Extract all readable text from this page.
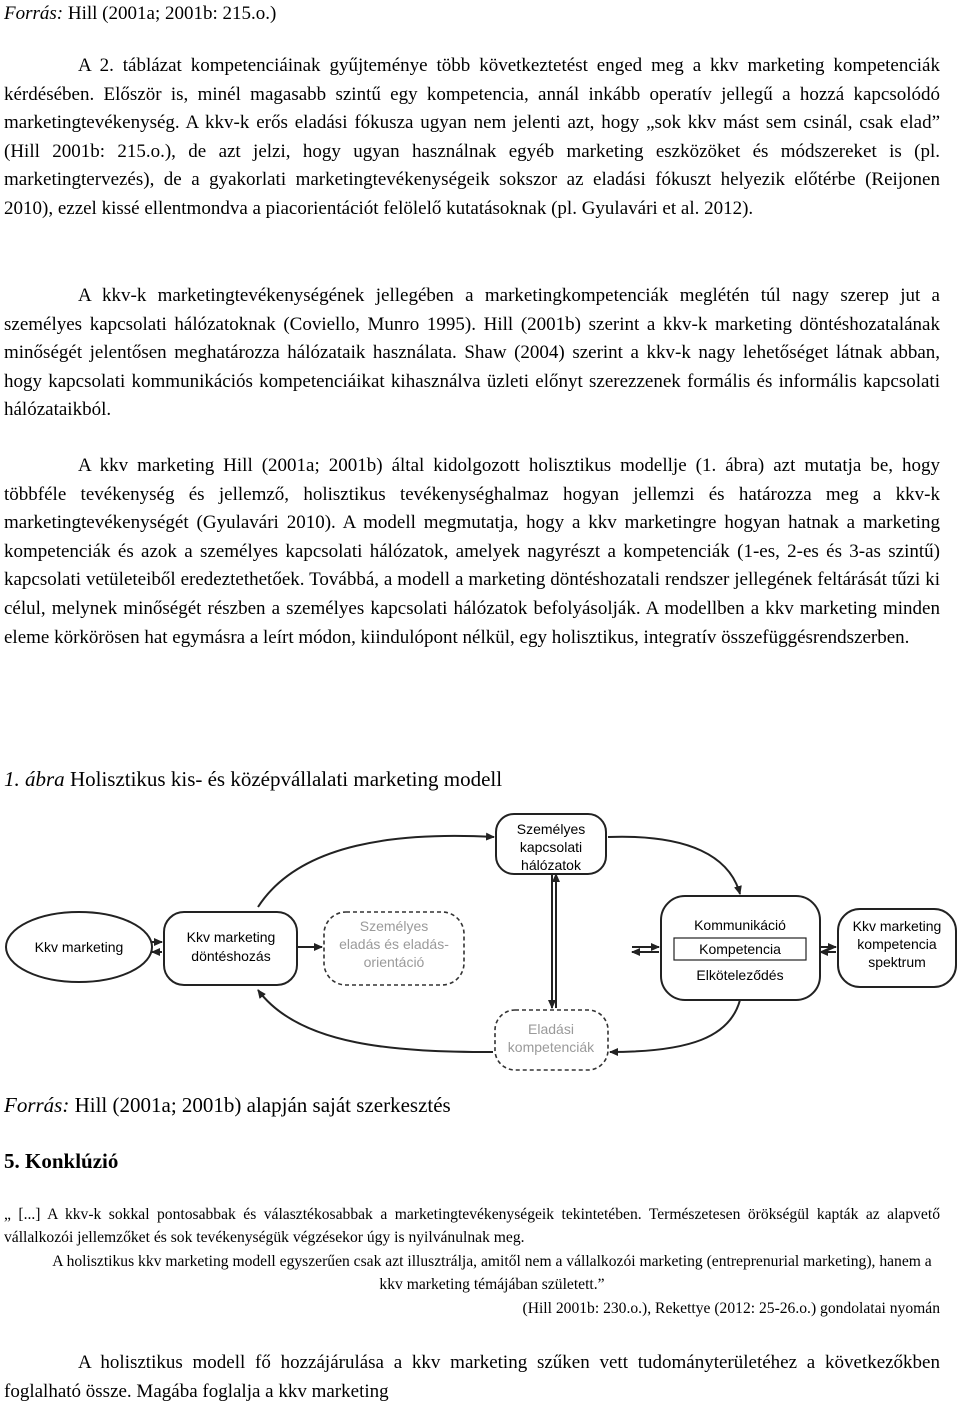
Forrás: Hill (2001a; 2001b: 215.o.)

A 2. táblázat kompetenciáinak gyűjteménye több következtetést enged meg a kkv marketing kompetenciák kérdésében. Először is, minél magasabb szintű egy kompetencia, annál inkább operatív jellegű a hozzá kapcsolódó marketingtevékenység. A kkv-k erős eladási fókusza ugyan nem jelenti azt, hogy „sok kkv mást sem csinál, csak elad” (Hill 2001b: 215.o.), de azt jelzi, hogy ugyan használnak egyéb marketing eszközöket és módszereket is (pl. marketingtervezés), de a gyakorlati marketingtevékenységeik sokszor az eladási fókuszt helyezik előtérbe (Reijonen 2010), ezzel kissé ellentmondva a piacorientációt felölelő kutatásoknak (pl. Gyulavári et al. 2012).

A kkv-k marketingtevékenységének jellegében a marketingkompetenciák meglétén túl nagy szerep jut a személyes kapcsolati hálózatoknak (Coviello, Munro 1995). Hill (2001b) szerint a kkv-k marketing döntéshozatalának minőségét jelentősen meghatározza hálózataik használata. Shaw (2004) szerint a kkv-k nagy lehetőséget látnak abban, hogy kapcsolati kommunikációs kompetenciáikat kihasználva üzleti előnyt szerezzenek formális és informális kapcsolati hálózataikból.

A kkv marketing Hill (2001a; 2001b) által kidolgozott holisztikus modellje (1. ábra) azt mutatja be, hogy többféle tevékenység és jellemző, holisztikus tevékenységhalmaz hogyan jellemzi és határozza meg a kkv-k marketingtevékenységét (Gyulavári 2010). A modell megmutatja, hogy a kkv marketingre hogyan hatnak a marketing kompetenciák és azok a személyes kapcsolati hálózatok, amelyek nagyrészt a kompetenciák (1-es, 2-es és 3-as szintű) kapcsolati vetületeiből eredeztethetőek. Továbbá, a modell a marketing döntéshozatali rendszer jellegének feltárását tűzi ki célul, melynek minőségét részben a személyes kapcsolati hálózatok befolyásolják. A modellben a kkv marketing minden eleme körkörösen hat egymásra a leírt módon, kiindulópont nélkül, egy holisztikus, integratív összefüggésrendszerben.

1. ábra Holisztikus kis- és középvállalati marketing modell
Kkv marketing
Kkv marketing
döntéshozás
Személyes
eladás és eladás-
orientáció
Személyes
kapcsolati
hálózatok
Kommunikáció
Kompetencia
Elköteleződés
Kkv marketing
kompetencia
spektrum
Eladási
kompetenciák
Forrás: Hill (2001a; 2001b) alapján saját szerkesztés
5. Konklúzió
„ [...] A kkv-k sokkal pontosabbak és választékosabbak a marketingtevékenységeik tekintetében. Természetesen örökségül kapták az alapvető vállalkozói jellemzőket és sok tevékenységük végzésekor úgy is nyilvánulnak meg.
A holisztikus kkv marketing modell egyszerűen csak azt illusztrálja, amitől nem a vállalkozói marketing (entreprenurial marketing), hanem a kkv marketing témájában született.”
(Hill 2001b: 230.o.), Rekettye (2012: 25-26.o.) gondolatai nyomán

A holisztikus modell fő hozzájárulása a kkv marketing szűken vett tudományterületéhez a következőkben foglalható össze. Magába foglalja a kkv marketing
